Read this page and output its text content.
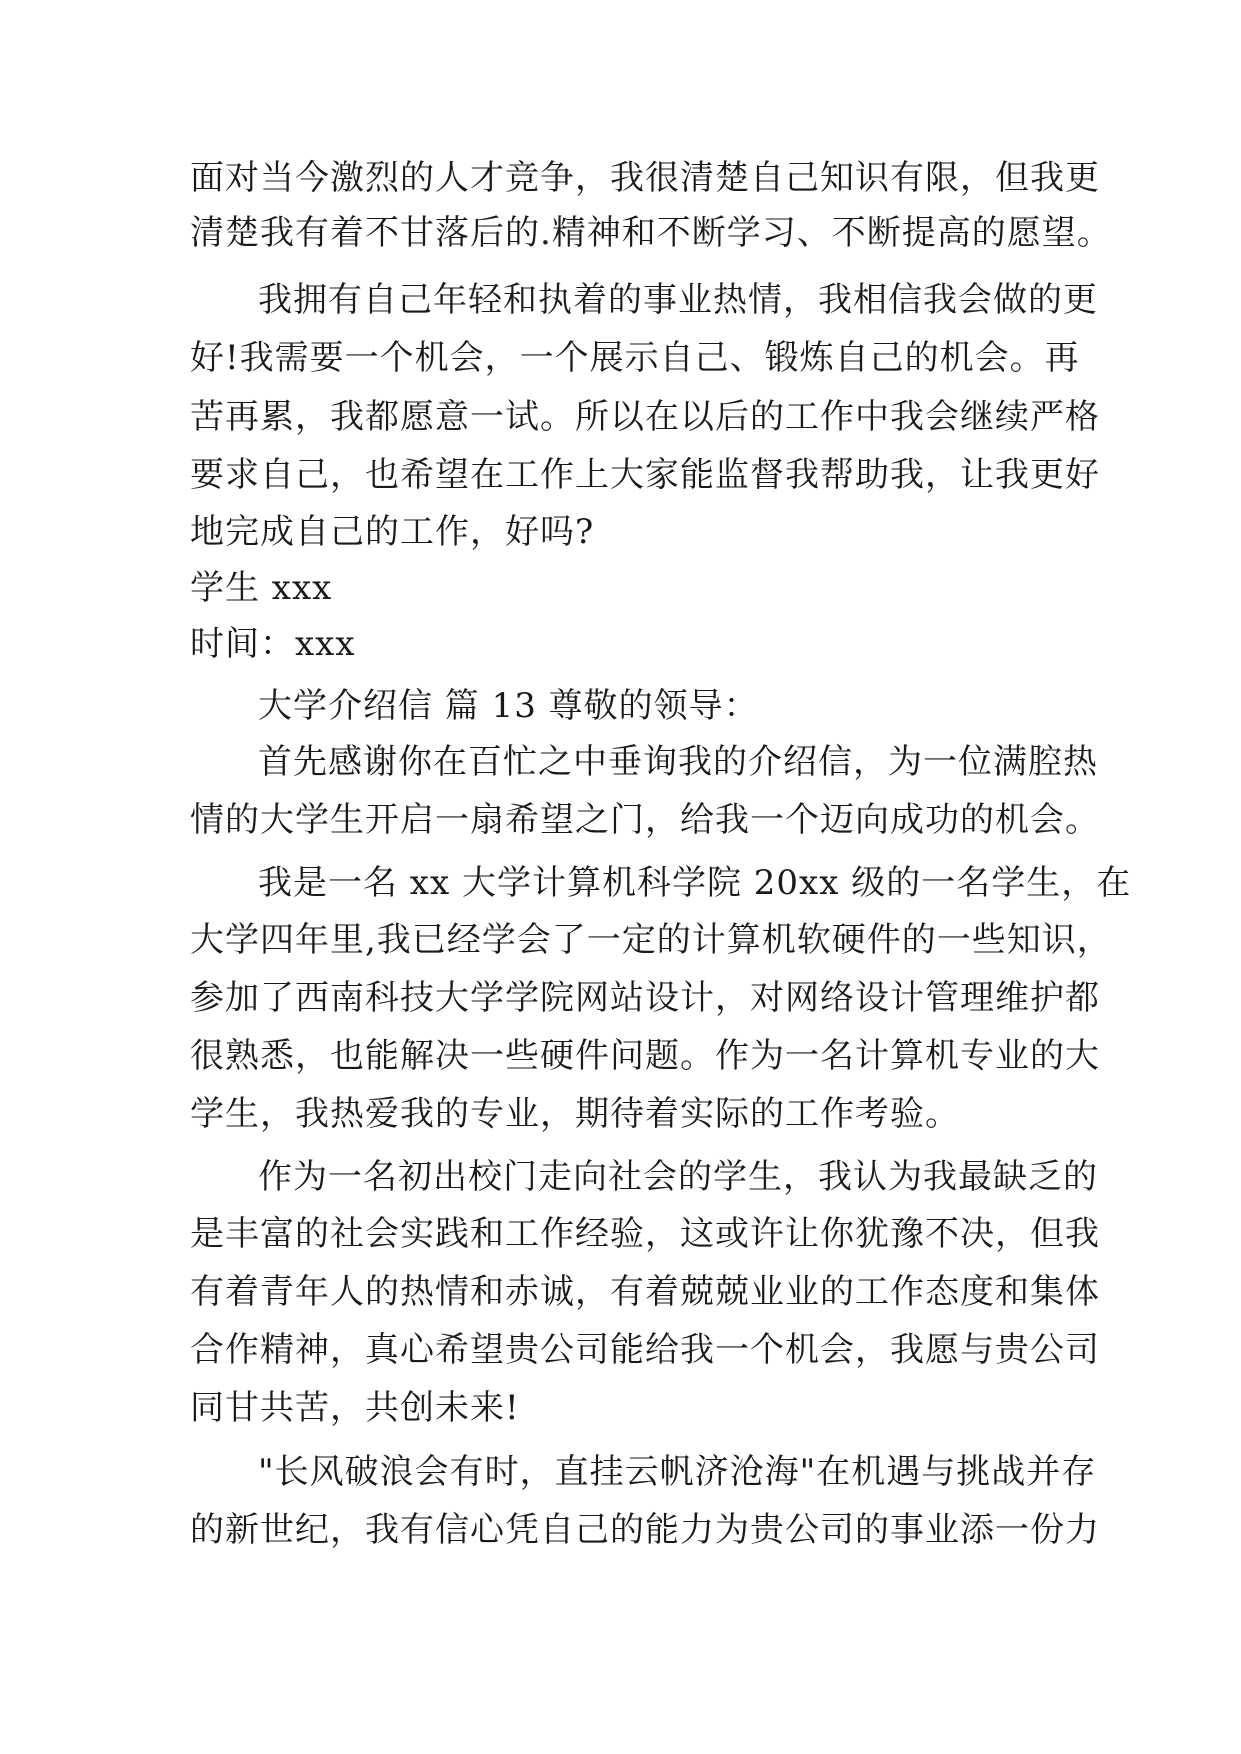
面对当今激烈的人才竞争，我很清楚自己知识有限，但我更
清楚我有着不甘落后的.精神和不断学习、不断提高的愿望。
我拥有自己年轻和执着的事业热情，我相信我会做的更
好!我需要一个机会，一个展示自己、锻炼自己的机会。再
苦再累，我都愿意一试。所以在以后的工作中我会继续严格
要求自己，也希望在工作上大家能监督我帮助我，让我更好
地完成自己的工作，好吗?
学生 xxx
时间：xxx
大学介绍信 篇 13 尊敬的领导：
首先感谢你在百忙之中垂询我的介绍信，为一位满腔热
情的大学生开启一扇希望之门，给我一个迈向成功的机会。
我是一名 xx 大学计算机科学院 20xx 级的一名学生，在
大学四年里,我已经学会了一定的计算机软硬件的一些知识，
参加了西南科技大学学院网站设计，对网络设计管理维护都
很熟悉，也能解决一些硬件问题。作为一名计算机专业的大
学生，我热爱我的专业，期待着实际的工作考验。
作为一名初出校门走向社会的学生，我认为我最缺乏的
是丰富的社会实践和工作经验，这或许让你犹豫不决，但我
有着青年人的热情和赤诚，有着兢兢业业的工作态度和集体
合作精神，真心希望贵公司能给我一个机会，我愿与贵公司
同甘共苦，共创未来!
"长风破浪会有时，直挂云帆济沧海"在机遇与挑战并存
的新世纪，我有信心凭自己的能力为贵公司的事业添一份力
